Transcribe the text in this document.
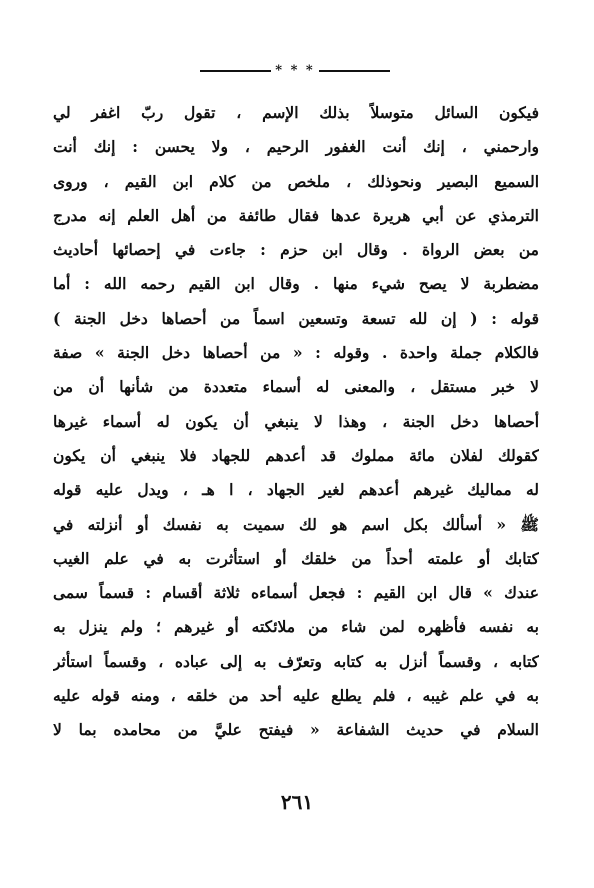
* * *
فيكون السائل متوسلاً بذلك الإسم ، تقول ربّ اغفر لي
وارحمني ، إنك أنت الغفور الرحيم ، ولا يحسن : إنك أنت
السميع البصير ونحوذلك ، ملخص من كلام ابن القيم ، وروى
الترمذي عن أبي هريرة عدها فقال طائفة من أهل العلم إنه مدرج
من بعض الرواة . وقال ابن حزم : جاءت في إحصائها أحاديث
مضطربة لا يصح شيء منها . وقال ابن القيم رحمه الله : أما
قوله : ( إن لله تسعة وتسعين اسماً من أحصاها دخل الجنة )
فالكلام جملة واحدة . وقوله : « من أحصاها دخل الجنة » صفة
لا خبر مستقل ، والمعنى له أسماء متعددة من شأنها أن من
أحصاها دخل الجنة ، وهذا لا ينبغي أن يكون له أسماء غيرها
كقولك لفلان مائة مملوك قد أعدهم للجهاد فلا ينبغي أن يكون
له مماليك غيرهم أعدهم لغير الجهاد ، ا هـ ، ويدل عليه قوله
ﷺ « أسألك بكل اسم هو لك سميت به نفسك أو أنزلته في
كتابك أو علمته أحداً من خلقك أو استأثرت به في علم الغيب
عندك » قال ابن القيم : فجعل أسماءه ثلاثة أقسام : قسماً سمى
به نفسه فأظهره لمن شاء من ملائكته أو غيرهم ؛ ولم ينزل به
كتابه ، وقسماً أنزل به كتابه وتعرّف به إلى عباده ، وقسماً استأثر
به في علم غيبه ، فلم يطلع عليه أحد من خلقه ، ومنه قوله عليه
السلام في حديث الشفاعة « فيفتح عليَّ من محامده بما لا
٢٦١
